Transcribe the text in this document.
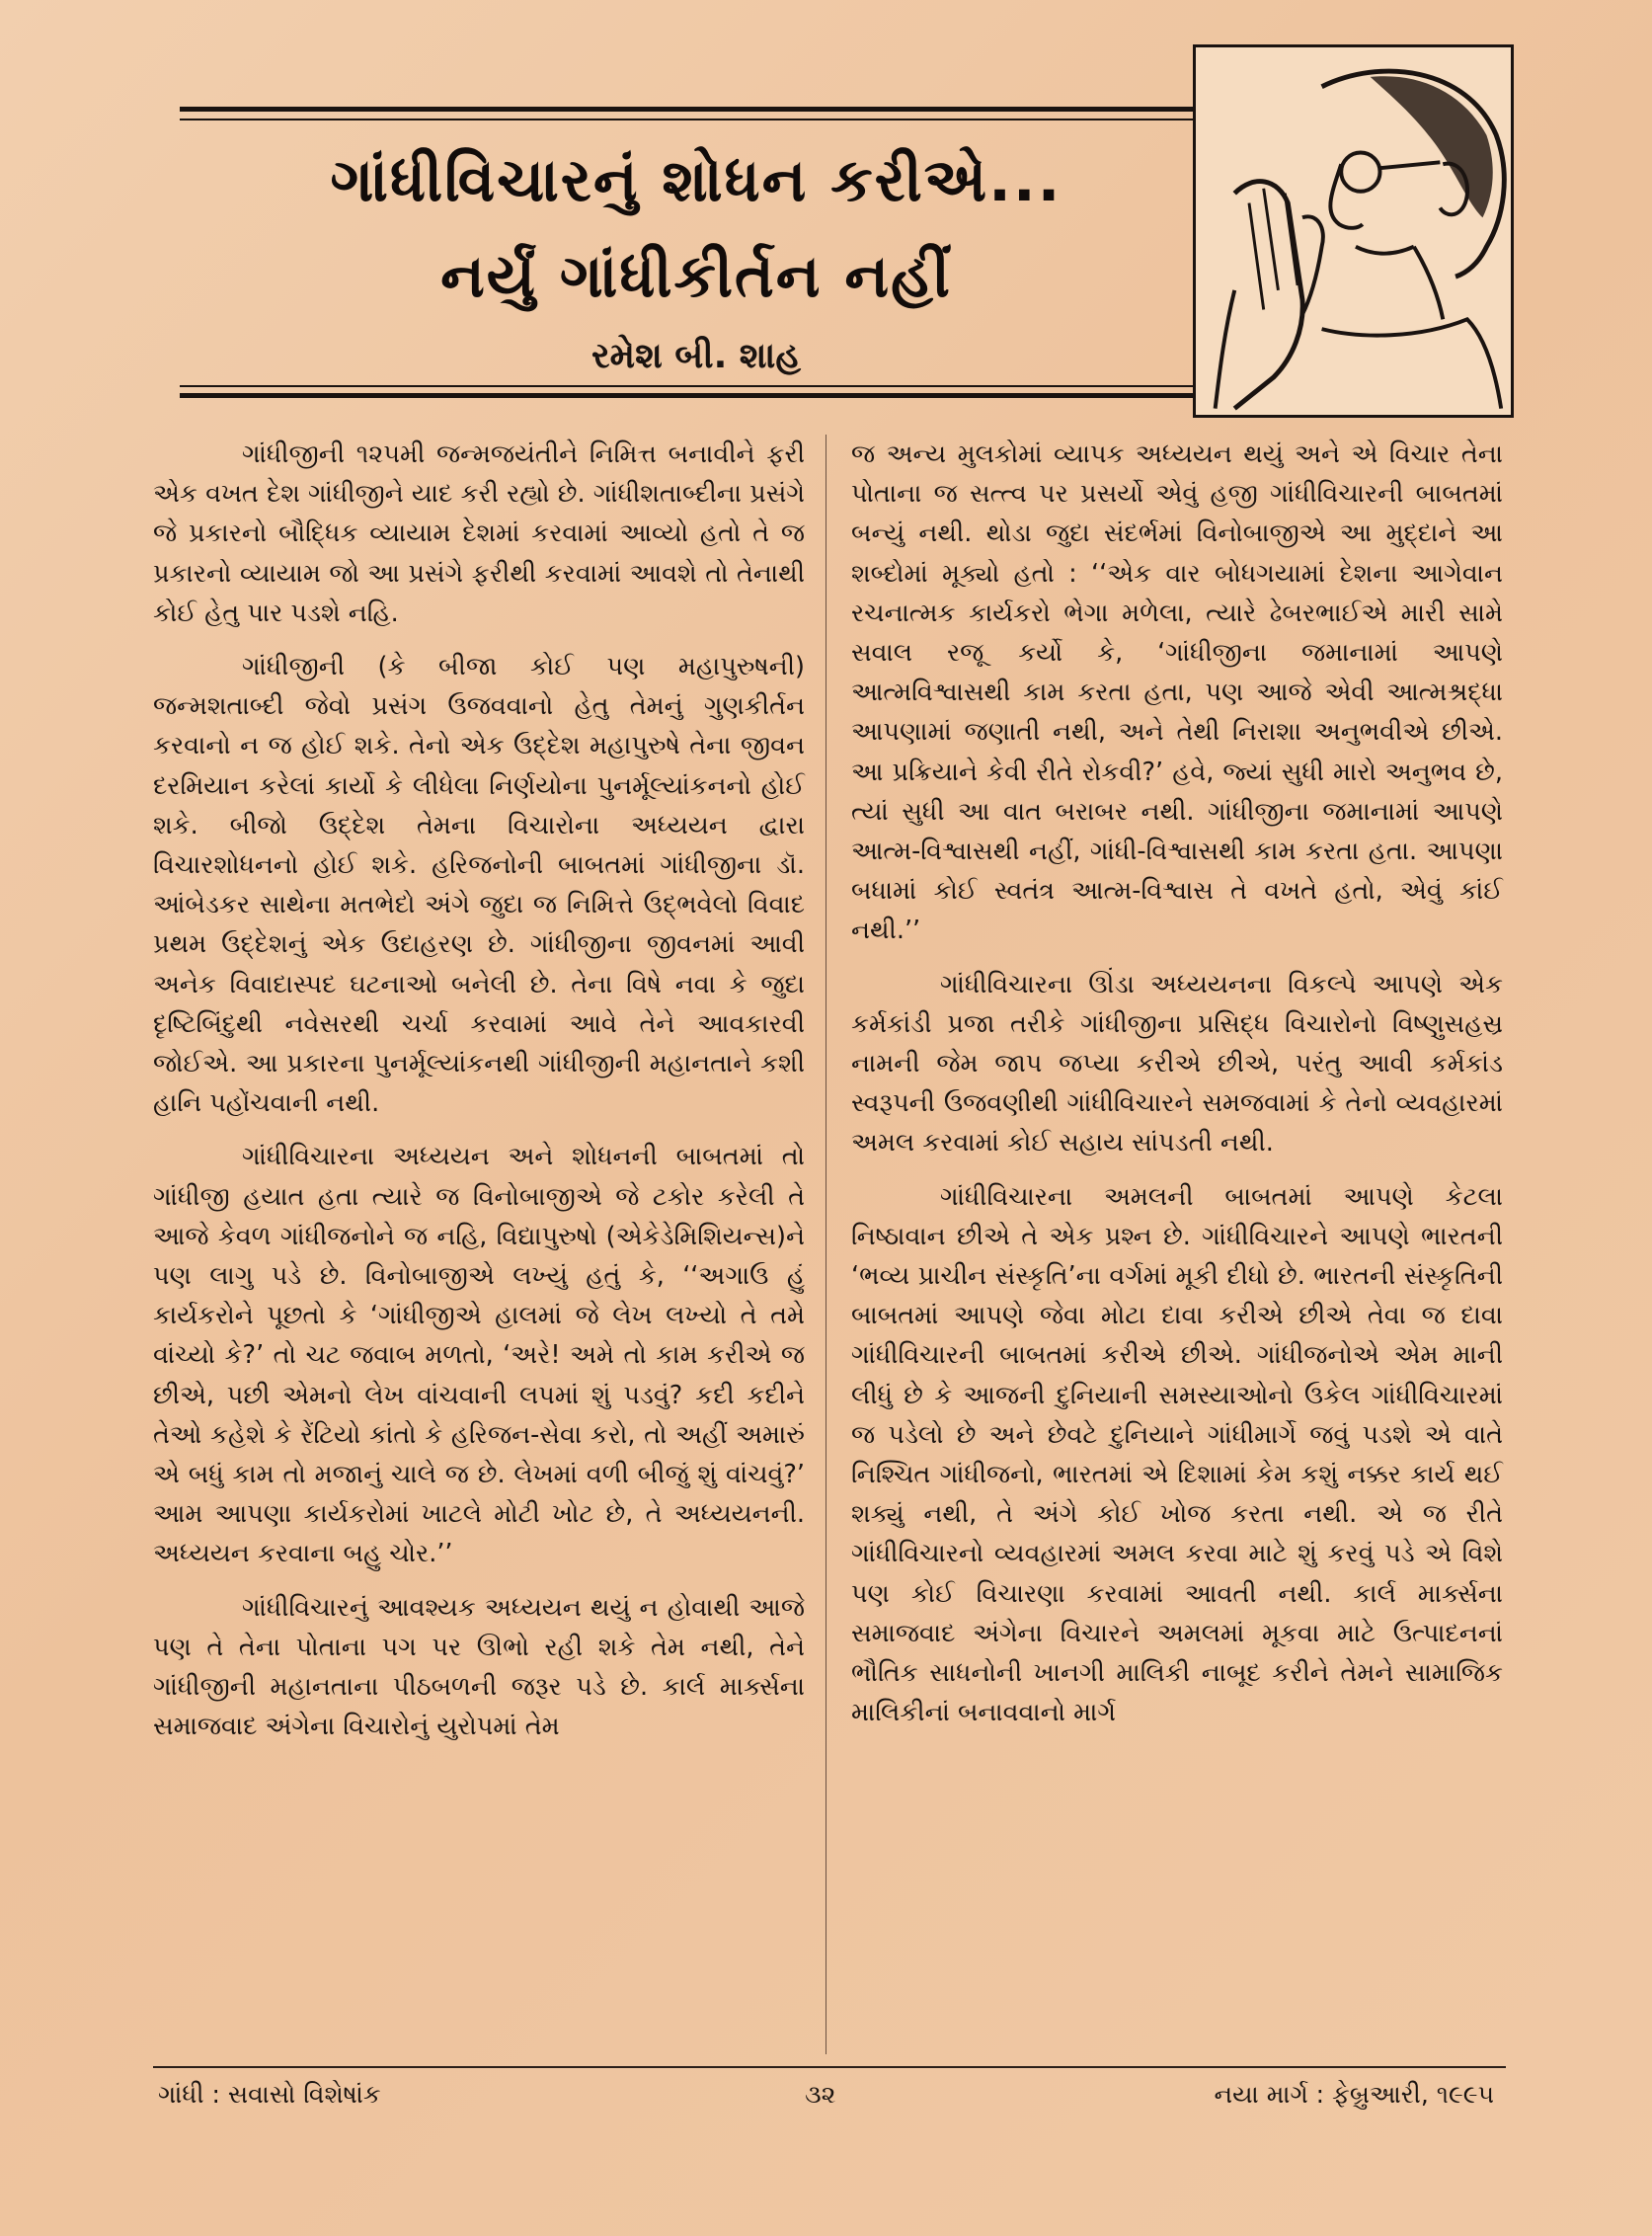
ગાંધીવિચારનું શોધન કરીએ...
નર્યું ગાંધીકીર્તન નહીં
રમેશ બી. શાહ

ગાંધીજીની ૧૨૫મી જન્મજયંતીને નિમિત્ત બનાવીને ફરી એક વખત દેશ ગાંધીજીને યાદ કરી રહ્યો છે. ગાંધીશતાબ્દીના પ્રસંગે જે પ્રકારનો બૌદ્ધિક વ્યાયામ દેશમાં કરવામાં આવ્યો હતો તે જ પ્રકારનો વ્યાયામ જો આ પ્રસંગે ફરીથી કરવામાં આવશે તો તેનાથી કોઈ હેતુ પાર પડશે નહિ.

ગાંધીજીની (કે બીજા કોઈ પણ મહાપુરુષની) જન્મશતાબ્દી જેવો પ્રસંગ ઉજવવાનો હેતુ તેમનું ગુણકીર્તન કરવાનો ન જ હોઈ શકે. તેનો એક ઉદ્દેશ મહાપુરુષે તેના જીવન દરમિયાન કરેલાં કાર્યો કે લીધેલા નિર્ણયોના પુનર્મૂલ્યાંકનનો હોઈ શકે. બીજો ઉદ્દેશ તેમના વિચારોના અધ્યયન દ્વારા વિચારશોધનનો હોઈ શકે. હરિજનોની બાબતમાં ગાંધીજીના ડૉ. આંબેડકર સાથેના મતભેદો અંગે જુદા જ નિમિત્તે ઉદ્ભવેલો વિવાદ પ્રથમ ઉદ્દેશનું એક ઉદાહરણ છે. ગાંધીજીના જીવનમાં આવી અનેક વિવાદાસ્પદ ઘટનાઓ બનેલી છે. તેના વિષે નવા કે જુદા દૃષ્ટિબિંદુથી નવેસરથી ચર્ચા કરવામાં આવે તેને આવકારવી જોઈએ. આ પ્રકારના પુનર્મૂલ્યાંકનથી ગાંધીજીની મહાનતાને કશી હાનિ પહોંચવાની નથી.

ગાંધીવિચારના અધ્યયન અને શોધનની બાબતમાં તો ગાંધીજી હયાત હતા ત્યારે જ વિનોબાજીએ જે ટકોર કરેલી તે આજે કેવળ ગાંધીજનોને જ નહિ, વિદ્યાપુરુષો (એકેડેમિશિયન્સ)ને પણ લાગુ પડે છે. વિનોબાજીએ લખ્યું હતું કે, ‘‘અગાઉ હું કાર્યકરોને પૂછતો કે ‘ગાંધીજીએ હાલમાં જે લેખ લખ્યો તે તમે વાંચ્યો કે?’ તો ચટ જવાબ મળતો, ‘અરે! અમે તો કામ કરીએ જ છીએ, પછી એમનો લેખ વાંચવાની લપમાં શું પડવું? કદી કદીને તેઓ કહેશે કે રેંટિયો કાંતો કે હરિજન-સેવા કરો, તો અહીં અમારું એ બધું કામ તો મજાનું ચાલે જ છે. લેખમાં વળી બીજું શું વાંચવું?’ આમ આપણા કાર્યકરોમાં ખાટલે મોટી ખોટ છે, તે અધ્યયનની. અધ્યયન કરવાના બહુ ચોર.’’

ગાંધીવિચારનું આવશ્યક અધ્યયન થયું ન હોવાથી આજે પણ તે તેના પોતાના પગ પર ઊભો રહી શકે તેમ નથી, તેને ગાંધીજીની મહાનતાના પીઠબળની જરૂર પડે છે. કાર્લ માર્ક્સના સમાજવાદ અંગેના વિચારોનું યુરોપમાં તેમ

જ અન્ય મુલકોમાં વ્યાપક અધ્યયન થયું અને એ વિચાર તેના પોતાના જ સત્ત્વ પર પ્રસર્યો એવું હજી ગાંધીવિચારની બાબતમાં બન્યું નથી. થોડા જુદા સંદર્ભમાં વિનોબાજીએ આ મુદ્દાને આ શબ્દોમાં મૂક્યો હતો : ‘‘એક વાર બોધગયામાં દેશના આગેવાન રચનાત્મક કાર્યકરો ભેગા મળેલા, ત્યારે ઢેબરભાઈએ મારી સામે સવાલ રજૂ કર્યો કે, ‘ગાંધીજીના જમાનામાં આપણે આત્મવિશ્વાસથી કામ કરતા હતા, પણ આજે એવી આત્મશ્રદ્ધા આપણામાં જણાતી નથી, અને તેથી નિરાશા અનુભવીએ છીએ. આ પ્રક્રિયાને કેવી રીતે રોકવી?’ હવે, જ્યાં સુધી મારો અનુભવ છે, ત્યાં સુધી આ વાત બરાબર નથી. ગાંધીજીના જમાનામાં આપણે આત્મ-વિશ્વાસથી નહીં, ગાંધી-વિશ્વાસથી કામ કરતા હતા. આપણા બધામાં કોઈ સ્વતંત્ર આત્મ-વિશ્વાસ તે વખતે હતો, એવું કાંઈ નથી.’’

ગાંધીવિચારના ઊંડા અધ્યયનના વિકલ્પે આપણે એક કર્મકાંડી પ્રજા તરીકે ગાંધીજીના પ્રસિદ્ધ વિચારોનો વિષ્ણુસહસ્ર નામની જેમ જાપ જપ્યા કરીએ છીએ, પરંતુ આવી કર્મકાંડ સ્વરૂપની ઉજવણીથી ગાંધીવિચારને સમજવામાં કે તેનો વ્યવહારમાં અમલ કરવામાં કોઈ સહાય સાંપડતી નથી.

ગાંધીવિચારના અમલની બાબતમાં આપણે કેટલા નિષ્ઠાવાન છીએ તે એક પ્રશ્ન છે. ગાંધીવિચારને આપણે ભારતની ‘ભવ્ય પ્રાચીન સંસ્કૃતિ’ના વર્ગમાં મૂકી દીધો છે. ભારતની સંસ્કૃતિની બાબતમાં આપણે જેવા મોટા દાવા કરીએ છીએ તેવા જ દાવા ગાંધીવિચારની બાબતમાં કરીએ છીએ. ગાંધીજનોએ એમ માની લીધું છે કે આજની દુનિયાની સમસ્યાઓનો ઉકેલ ગાંધીવિચારમાં જ પડેલો છે અને છેવટે દુનિયાને ગાંધીમાર્ગે જવું પડશે એ વાતે નિશ્ચિત ગાંધીજનો, ભારતમાં એ દિશામાં કેમ કશું નક્કર કાર્ય થઈ શક્યું નથી, તે અંગે કોઈ ખોજ કરતા નથી. એ જ રીતે ગાંધીવિચારનો વ્યવહારમાં અમલ કરવા માટે શું કરવું પડે એ વિશે પણ કોઈ વિચારણા કરવામાં આવતી નથી. કાર્લ માર્ક્સના સમાજવાદ અંગેના વિચારને અમલમાં મૂકવા માટે ઉત્પાદનનાં ભૌતિક સાધનોની ખાનગી માલિકી નાબૂદ કરીને તેમને સામાજિક માલિકીનાં બનાવવાનો માર્ગ

ગાંધી : સવાસો વિશેષાંક	૩૨	નયા માર્ગ : ફેબ્રુઆરી, ૧૯૯૫
